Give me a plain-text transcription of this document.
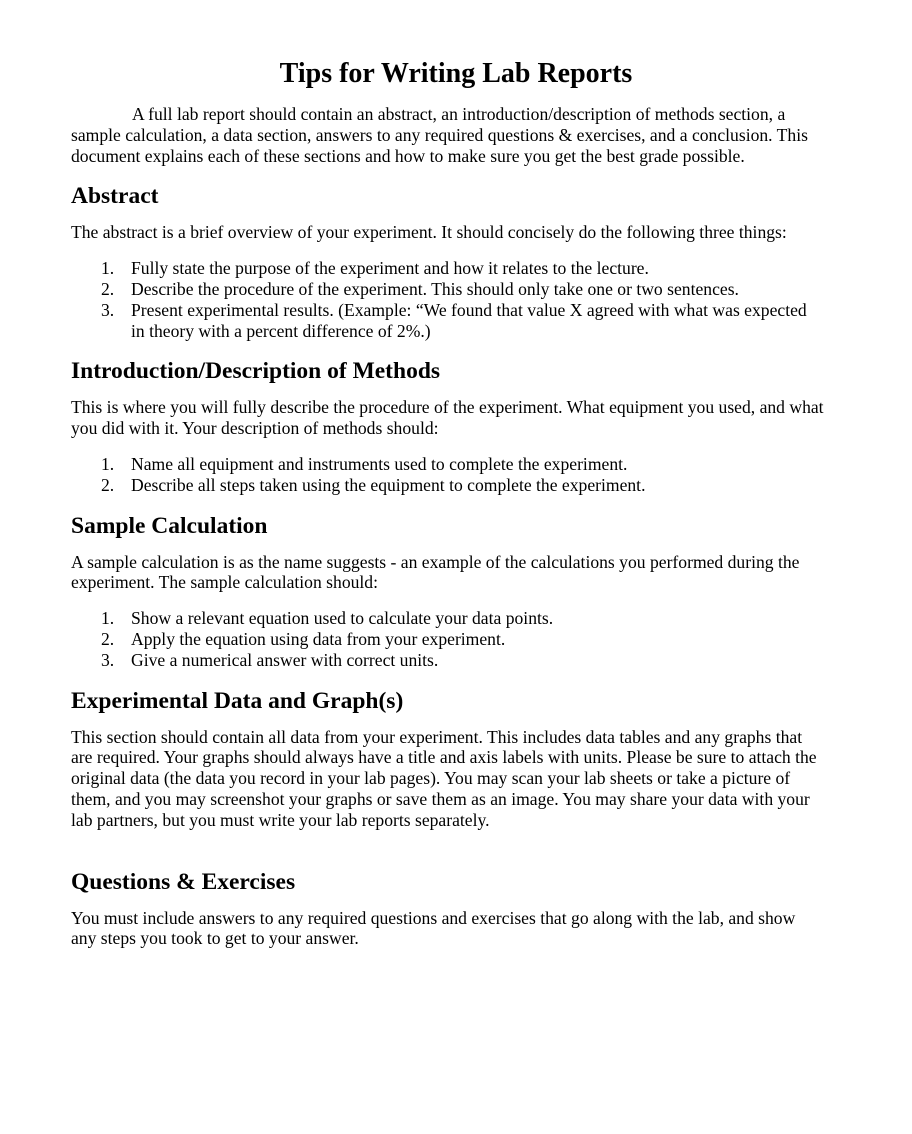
Tips for Writing Lab Reports

A full lab report should contain an abstract, an introduction/description of methods section, a sample calculation, a data section, answers to any required questions & exercises, and a conclusion. This document explains each of these sections and how to make sure you get the best grade possible.

Abstract

The abstract is a brief overview of your experiment. It should concisely do the following three things:

1. Fully state the purpose of the experiment and how it relates to the lecture.
2. Describe the procedure of the experiment. This should only take one or two sentences.
3. Present experimental results. (Example: “We found that value X agreed with what was expected in theory with a percent difference of 2%.)
Introduction/Description of Methods

This is where you will fully describe the procedure of the experiment. What equipment you used, and what you did with it. Your description of methods should:

1. Name all equipment and instruments used to complete the experiment.
2. Describe all steps taken using the equipment to complete the experiment.
Sample Calculation

A sample calculation is as the name suggests - an example of the calculations you performed during the experiment. The sample calculation should:

1. Show a relevant equation used to calculate your data points.
2. Apply the equation using data from your experiment.
3. Give a numerical answer with correct units.
Experimental Data and Graph(s)

This section should contain all data from your experiment. This includes data tables and any graphs that are required. Your graphs should always have a title and axis labels with units. Please be sure to attach the original data (the data you record in your lab pages). You may scan your lab sheets or take a picture of them, and you may screenshot your graphs or save them as an image. You may share your data with your lab partners, but you must write your lab reports separately.

Questions & Exercises

You must include answers to any required questions and exercises that go along with the lab, and show any steps you took to get to your answer.
